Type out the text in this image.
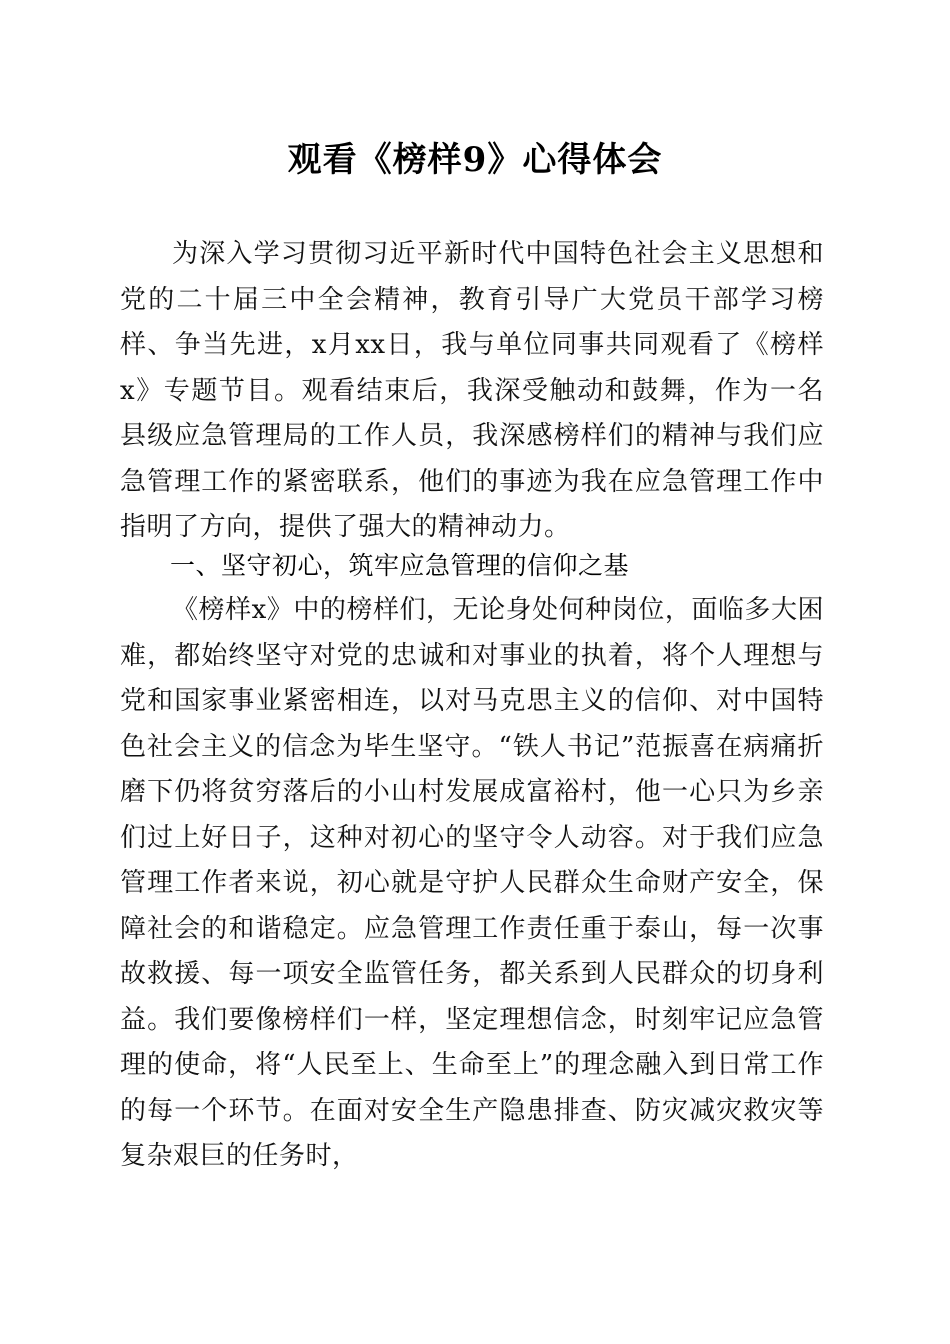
观看《榜样9》心得体会

为深入学习贯彻习近平新时代中国特色社会主义思想和党的二十届三中全会精神，教育引导广大党员干部学习榜样、争当先进，x月xx日，我与单位同事共同观看了《榜样x》专题节目。观看结束后，我深受触动和鼓舞，作为一名县级应急管理局的工作人员，我深感榜样们的精神与我们应急管理工作的紧密联系，他们的事迹为我在应急管理工作中指明了方向，提供了强大的精神动力。

一、坚守初心，筑牢应急管理的信仰之基

《榜样x》中的榜样们，无论身处何种岗位，面临多大困难，都始终坚守对党的忠诚和对事业的执着，将个人理想与党和国家事业紧密相连，以对马克思主义的信仰、对中国特色社会主义的信念为毕生坚守。“铁人书记”范振喜在病痛折磨下仍将贫穷落后的小山村发展成富裕村，他一心只为乡亲们过上好日子，这种对初心的坚守令人动容。对于我们应急管理工作者来说，初心就是守护人民群众生命财产安全，保障社会的和谐稳定。应急管理工作责任重于泰山，每一次事故救援、每一项安全监管任务，都关系到人民群众的切身利益。我们要像榜样们一样，坚定理想信念，时刻牢记应急管理的使命，将“人民至上、生命至上”的理念融入到日常工作的每一个环节。在面对安全生产隐患排查、防灾减灾救灾等复杂艰巨的任务时，
